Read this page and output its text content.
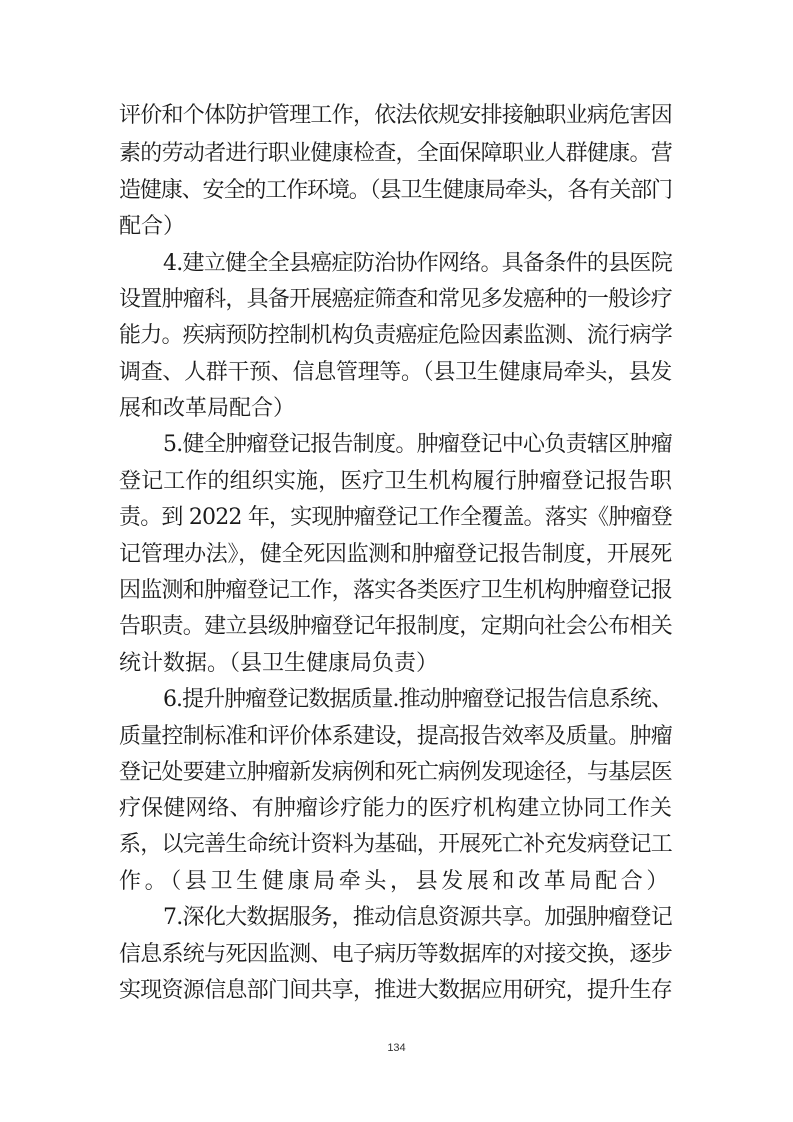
评价和个体防护管理工作，依法依规安排接触职业病危害因

素的劳动者进行职业健康检查，全面保障职业人群健康。营

造健康、安全的工作环境。（县卫生健康局牵头，各有关部门

配合）

4.建立健全全县癌症防治协作网络。具备条件的县医院

设置肿瘤科，具备开展癌症筛查和常见多发癌种的一般诊疗

能力。疾病预防控制机构负责癌症危险因素监测、流行病学

调查、人群干预、信息管理等。（县卫生健康局牵头，县发

展和改革局配合）

5.健全肿瘤登记报告制度。肿瘤登记中心负责辖区肿瘤

登记工作的组织实施，医疗卫生机构履行肿瘤登记报告职

责。到 2022 年，实现肿瘤登记工作全覆盖。落实《肿瘤登

记管理办法》，健全死因监测和肿瘤登记报告制度，开展死

因监测和肿瘤登记工作，落实各类医疗卫生机构肿瘤登记报

告职责。建立县级肿瘤登记年报制度，定期向社会公布相关

统计数据。（县卫生健康局负责）

6.提升肿瘤登记数据质量.推动肿瘤登记报告信息系统、

质量控制标准和评价体系建设，提高报告效率及质量。肿瘤

登记处要建立肿瘤新发病例和死亡病例发现途径，与基层医

疗保健网络、有肿瘤诊疗能力的医疗机构建立协同工作关

系，以完善生命统计资料为基础，开展死亡补充发病登记工

作。（县卫生健康局牵头，县发展和改革局配合）

7.深化大数据服务，推动信息资源共享。加强肿瘤登记

信息系统与死因监测、电子病历等数据库的对接交换，逐步

实现资源信息部门间共享，推进大数据应用研究，提升生存

134
